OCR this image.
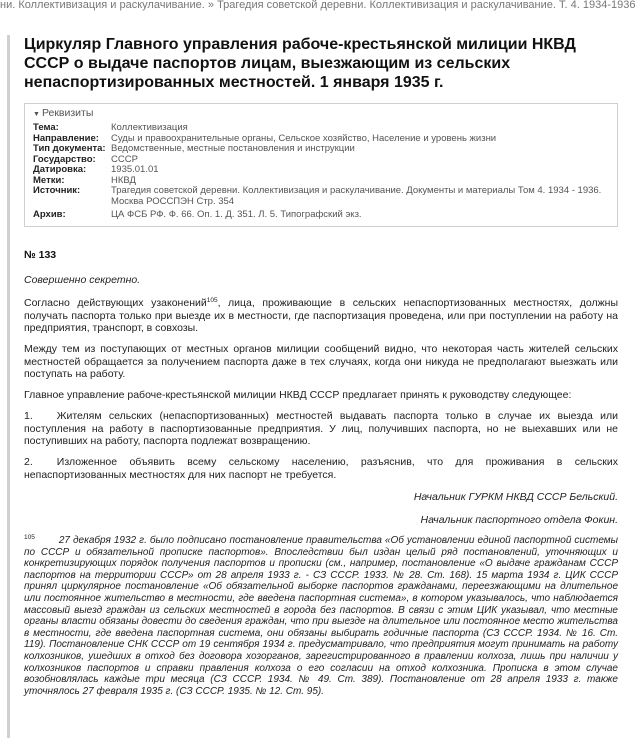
ни. Коллективизация и раскулачивание. » Трагедия советской деревни. Коллективизация и раскулачивание. Т. 4. 1934-1936
Циркуляр Главного управления рабоче-крестьянской милиции НКВД СССР о выдаче паспортов лицам, выезжающим из сельских непаспортизированных местностей. 1 января 1935 г.
▼ Реквизиты
Тема:	Коллективизация
Направление:	Суды и правоохранительные органы, Сельское хозяйство, Население и уровень жизни
Тип документа:	Ведомственные, местные постановления и инструкции
Государство:	СССР
Датировка:	1935.01.01
Метки:	НКВД
Источник:	Трагедия советской деревни. Коллективизация и раскулачивание. Документы и материалы Том 4. 1934 - 1936. Москва РОССПЭН Стр. 354
Архив:	ЦА ФСБ РФ. Ф. 66. Оп. 1. Д. 351. Л. 5. Типографский экз.
№ 133
Совершенно секретно.

Согласно действующих узаконений$^{105}$, лица, проживающие в сельских непаспортизованных местностях, должны получать паспорта только при выезде их в местности, где паспортизация проведена, или при поступлении на работу на предприятия, транспорт, в совхозы.

Между тем из поступающих от местных органов милиции сообщений видно, что некоторая часть жителей сельских местностей обращается за получением паспорта даже в тех случаях, когда они никуда не предполагают выезжать или поступать на работу.

Главное управление рабоче-крестьянской милиции НКВД СССР предлагает принять к руководству следующее:

1. Жителям сельских (непаспортизованных) местностей выдавать паспорта только в случае их выезда или поступления на работу в паспортизованные предприятия. У лиц, получивших паспорта, но не выехавших или не поступивших на работу, паспорта подлежат возвращению.

2. Изложенное объявить всему сельскому населению, разъяснив, что для проживания в сельских непаспортизованных местностях для них паспорт не требуется.

Начальник ГУРКМ НКВД СССР Бельский.
Начальник паспортного отдела Фокин.
$^{105}$ 27 декабря 1932 г. было подписано постановление правительства «Об установлении единой паспортной системы по СССР и обязательной прописке паспортов». Впоследствии был издан целый ряд постановлений, уточняющих и конкретизирующих порядок получения паспортов и прописки (см., например, постановление «О выдаче гражданам СССР паспортов на территории СССР» от 28 апреля 1933 г. - СЗ СССР. 1933. № 28. Ст. 168). 15 марта 1934 г. ЦИК СССР принял циркулярное постановление «Об обязательной выборке паспортов гражданами, переезжающими на длительное или постоянное жительство в местности, где введена паспортная система», в котором указывалось, что наблюдается массовый выезд граждан из сельских местностей в города без паспортов. В связи с этим ЦИК указывал, что местные органы власти обязаны довести до сведения граждан, что при выезде на длительное или постоянное место жительства в местности, где введена паспортная система, они обязаны выбирать годичные паспорта (СЗ СССР. 1934. № 16. Ст. 119). Постановление СНК СССР от 19 сентября 1934 г. предусматривало, что предприятия могут принимать на работу колхозников, ушедших в отход без договора хозорганов, зарегистрированного в правлении колхоза, лишь при наличии у колхозников паспортов и справки правления колхоза о его согласии на отход колхозника. Прописка в этом случае возобновлялась каждые три месяца (СЗ СССР. 1934. № 49. Ст. 389). Постановление от 28 апреля 1933 г. также уточнялось 27 февраля 1935 г. (СЗ СССР. 1935. № 12. Ст. 95).
